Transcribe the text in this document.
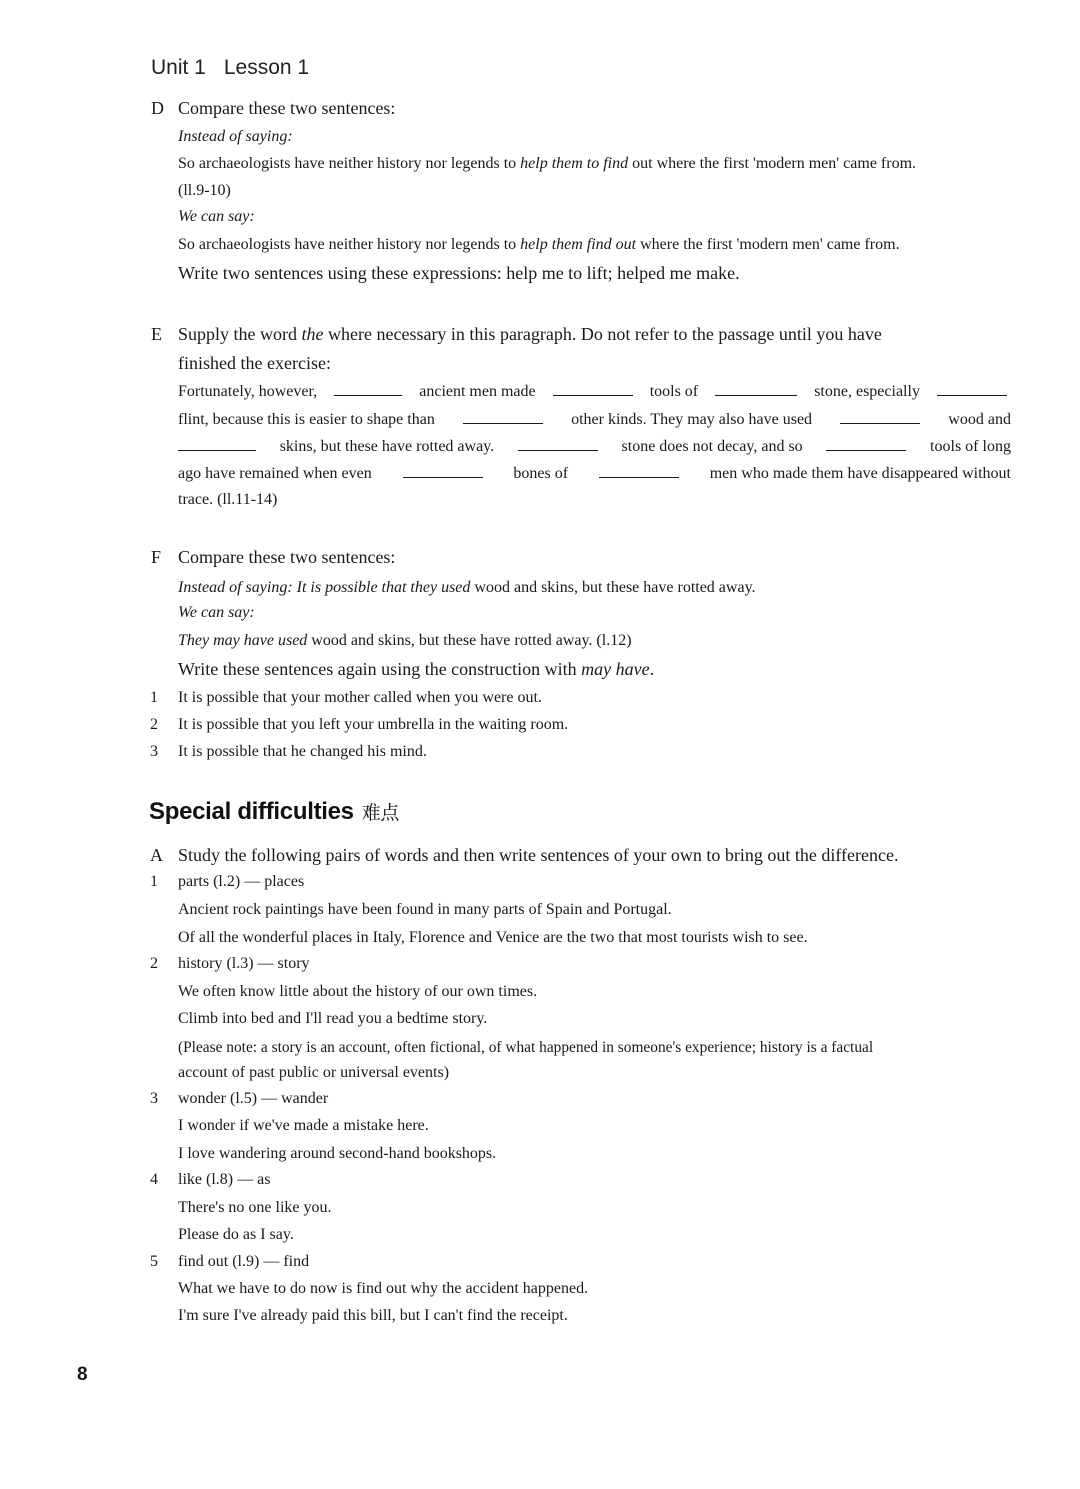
Unit 1 Lesson 1
D Compare these two sentences:
Instead of saying:
So archaeologists have neither history nor legends to help them to find out where the first 'modern men' came from.
(ll.9-10)
We can say:
So archaeologists have neither history nor legends to help them find out where the first 'modern men' came from.
Write two sentences using these expressions: help me to lift; helped me make.
E Supply the word the where necessary in this paragraph. Do not refer to the passage until you have
finished the exercise:
Fortunately, however,	ancient men made	tools of	stone, especially
flint, because this is easier to shape than	other kinds. They may also have used	wood and
skins, but these have rotted away.	stone does not decay, and so	tools of long
ago have remained when even	bones of	men who made them have disappeared without
trace. (ll.11-14)
F Compare these two sentences:
Instead of saying: It is possible that they used wood and skins, but these have rotted away.
We can say:
They may have used wood and skins, but these have rotted away. (l.12)
Write these sentences again using the construction with may have.
1 It is possible that your mother called when you were out.
2 It is possible that you left your umbrella in the waiting room.
3 It is possible that he changed his mind.
Special difficulties 难点
A Study the following pairs of words and then write sentences of your own to bring out the difference.
1 parts (l.2) — places
Ancient rock paintings have been found in many parts of Spain and Portugal.
Of all the wonderful places in Italy, Florence and Venice are the two that most tourists wish to see.
2 history (l.3) — story
We often know little about the history of our own times.
Climb into bed and I'll read you a bedtime story.
(Please note: a story is an account, often fictional, of what happened in someone's experience; history is a factual
account of past public or universal events)
3 wonder (l.5) — wander
I wonder if we've made a mistake here.
I love wandering around second-hand bookshops.
4 like (l.8) — as
There's no one like you.
Please do as I say.
5 find out (l.9) — find
What we have to do now is find out why the accident happened.
I'm sure I've already paid this bill, but I can't find the receipt.
8
